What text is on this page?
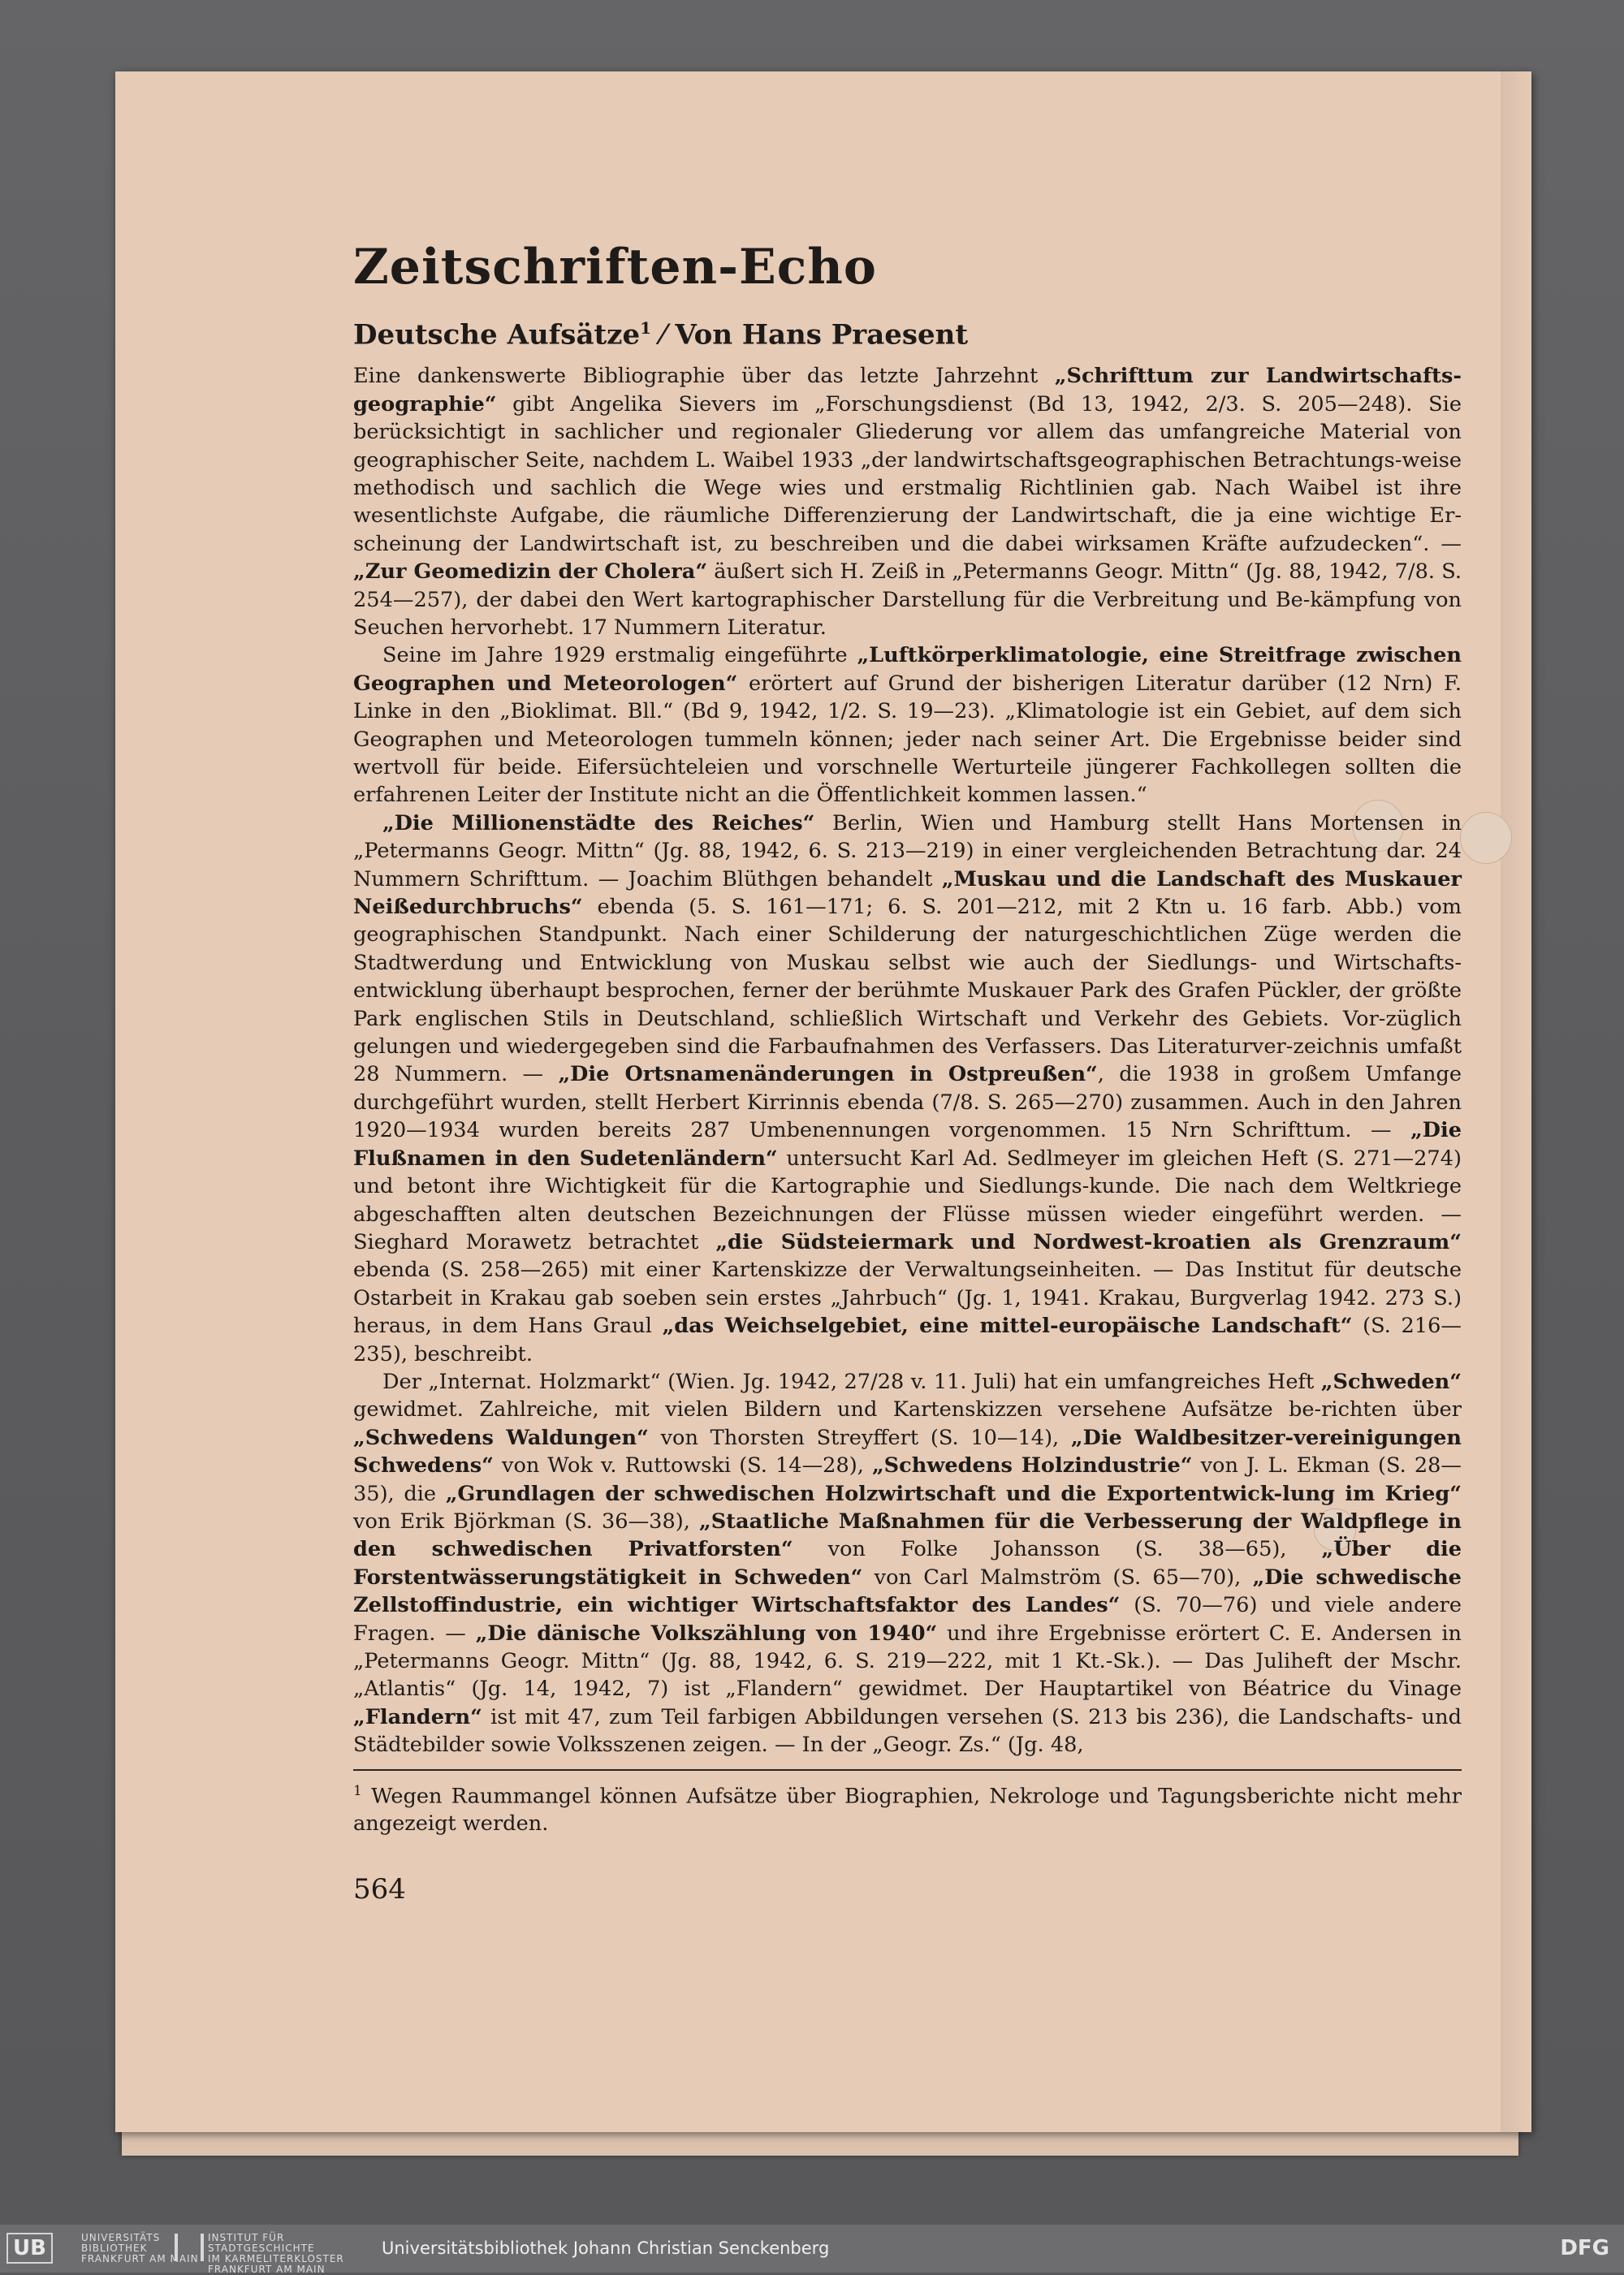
Zeitschriften-Echo
Deutsche Aufsätze$^1$ ⁄ Von Hans Praesent

Eine dankenswerte Bibliographie über das letzte Jahrzehnt „Schrifttum zur Landwirtschafts-geographie“ gibt Angelika Sievers im „Forschungsdienst (Bd 13, 1942, 2/3. S. 205—248). Sie berücksichtigt in sachlicher und regionaler Gliederung vor allem das umfangreiche Material von geographischer Seite, nachdem L. Waibel 1933 „der landwirtschaftsgeographischen Betrachtungs-weise methodisch und sachlich die Wege wies und erstmalig Richtlinien gab. Nach Waibel ist ihre wesentlichste Aufgabe, die räumliche Differenzierung der Landwirtschaft, die ja eine wichtige Er-scheinung der Landwirtschaft ist, zu beschreiben und die dabei wirksamen Kräfte aufzudecken“. — „Zur Geomedizin der Cholera“ äußert sich H. Zeiß in „Petermanns Geogr. Mittn“ (Jg. 88, 1942, 7/8. S. 254—257), der dabei den Wert kartographischer Darstellung für die Verbreitung und Be-kämpfung von Seuchen hervorhebt. 17 Nummern Literatur.

Seine im Jahre 1929 erstmalig eingeführte „Luftkörperklimatologie, eine Streitfrage zwischen Geographen und Meteorologen“ erörtert auf Grund der bisherigen Literatur darüber (12 Nrn) F. Linke in den „Bioklimat. Bll.“ (Bd 9, 1942, 1/2. S. 19—23). „Klimatologie ist ein Gebiet, auf dem sich Geographen und Meteorologen tummeln können; jeder nach seiner Art. Die Ergebnisse beider sind wertvoll für beide. Eifersüchteleien und vorschnelle Werturteile jüngerer Fachkollegen sollten die erfahrenen Leiter der Institute nicht an die Öffentlichkeit kommen lassen.“

„Die Millionenstädte des Reiches“ Berlin, Wien und Hamburg stellt Hans Mortensen in „Petermanns Geogr. Mittn“ (Jg. 88, 1942, 6. S. 213—219) in einer vergleichenden Betrachtung dar. 24 Nummern Schrifttum. — Joachim Blüthgen behandelt „Muskau und die Landschaft des Muskauer Neißedurchbruchs“ ebenda (5. S. 161—171; 6. S. 201—212, mit 2 Ktn u. 16 farb. Abb.) vom geographischen Standpunkt. Nach einer Schilderung der naturgeschichtlichen Züge werden die Stadtwerdung und Entwicklung von Muskau selbst wie auch der Siedlungs- und Wirtschafts-entwicklung überhaupt besprochen, ferner der berühmte Muskauer Park des Grafen Pückler, der größte Park englischen Stils in Deutschland, schließlich Wirtschaft und Verkehr des Gebiets. Vor-züglich gelungen und wiedergegeben sind die Farbaufnahmen des Verfassers. Das Literaturver-zeichnis umfaßt 28 Nummern. — „Die Ortsnamenänderungen in Ostpreußen“, die 1938 in großem Umfange durchgeführt wurden, stellt Herbert Kirrinnis ebenda (7/8. S. 265—270) zusammen. Auch in den Jahren 1920—1934 wurden bereits 287 Umbenennungen vorgenommen. 15 Nrn Schrifttum. — „Die Flußnamen in den Sudetenländern“ untersucht Karl Ad. Sedlmeyer im gleichen Heft (S. 271—274) und betont ihre Wichtigkeit für die Kartographie und Siedlungs-kunde. Die nach dem Weltkriege abgeschafften alten deutschen Bezeichnungen der Flüsse müssen wieder eingeführt werden. — Sieghard Morawetz betrachtet „die Südsteiermark und Nordwest-kroatien als Grenzraum“ ebenda (S. 258—265) mit einer Kartenskizze der Verwaltungseinheiten. — Das Institut für deutsche Ostarbeit in Krakau gab soeben sein erstes „Jahrbuch“ (Jg. 1, 1941. Krakau, Burgverlag 1942. 273 S.) heraus, in dem Hans Graul „das Weichselgebiet, eine mittel-europäische Landschaft“ (S. 216—235), beschreibt.

Der „Internat. Holzmarkt“ (Wien. Jg. 1942, 27/28 v. 11. Juli) hat ein umfangreiches Heft „Schweden“ gewidmet. Zahlreiche, mit vielen Bildern und Kartenskizzen versehene Aufsätze be-richten über „Schwedens Waldungen“ von Thorsten Streyffert (S. 10—14), „Die Waldbesitzer-vereinigungen Schwedens“ von Wok v. Ruttowski (S. 14—28), „Schwedens Holzindustrie“ von J. L. Ekman (S. 28—35), die „Grundlagen der schwedischen Holzwirtschaft und die Exportentwick-lung im Krieg“ von Erik Björkman (S. 36—38), „Staatliche Maßnahmen für die Verbesserung der Waldpflege in den schwedischen Privatforsten“ von Folke Johansson (S. 38—65), „Über die Forstentwässerungstätigkeit in Schweden“ von Carl Malmström (S. 65—70), „Die schwedische Zellstoffindustrie, ein wichtiger Wirtschaftsfaktor des Landes“ (S. 70—76) und viele andere Fragen. — „Die dänische Volkszählung von 1940“ und ihre Ergebnisse erörtert C. E. Andersen in „Petermanns Geogr. Mittn“ (Jg. 88, 1942, 6. S. 219—222, mit 1 Kt.-Sk.). — Das Juliheft der Mschr. „Atlantis“ (Jg. 14, 1942, 7) ist „Flandern“ gewidmet. Der Hauptartikel von Béatrice du Vinage „Flandern“ ist mit 47, zum Teil farbigen Abbildungen versehen (S. 213 bis 236), die Landschafts- und Städtebilder sowie Volksszenen zeigen. — In der „Geogr. Zs.“ (Jg. 48,

$^1$ Wegen Raummangel können Aufsätze über Biographien, Nekrologe und Tagungsberichte nicht mehr angezeigt werden.

564
UB	UNIVERSITÄTS
BIBLIOTHEK
FRANKFURT AM MAIN
INSTITUT FÜR
STADTGESCHICHTE
IM KARMELITERKLOSTER
FRANKFURT AM MAIN
Universitätsbibliothek Johann Christian Senckenberg	DFG
